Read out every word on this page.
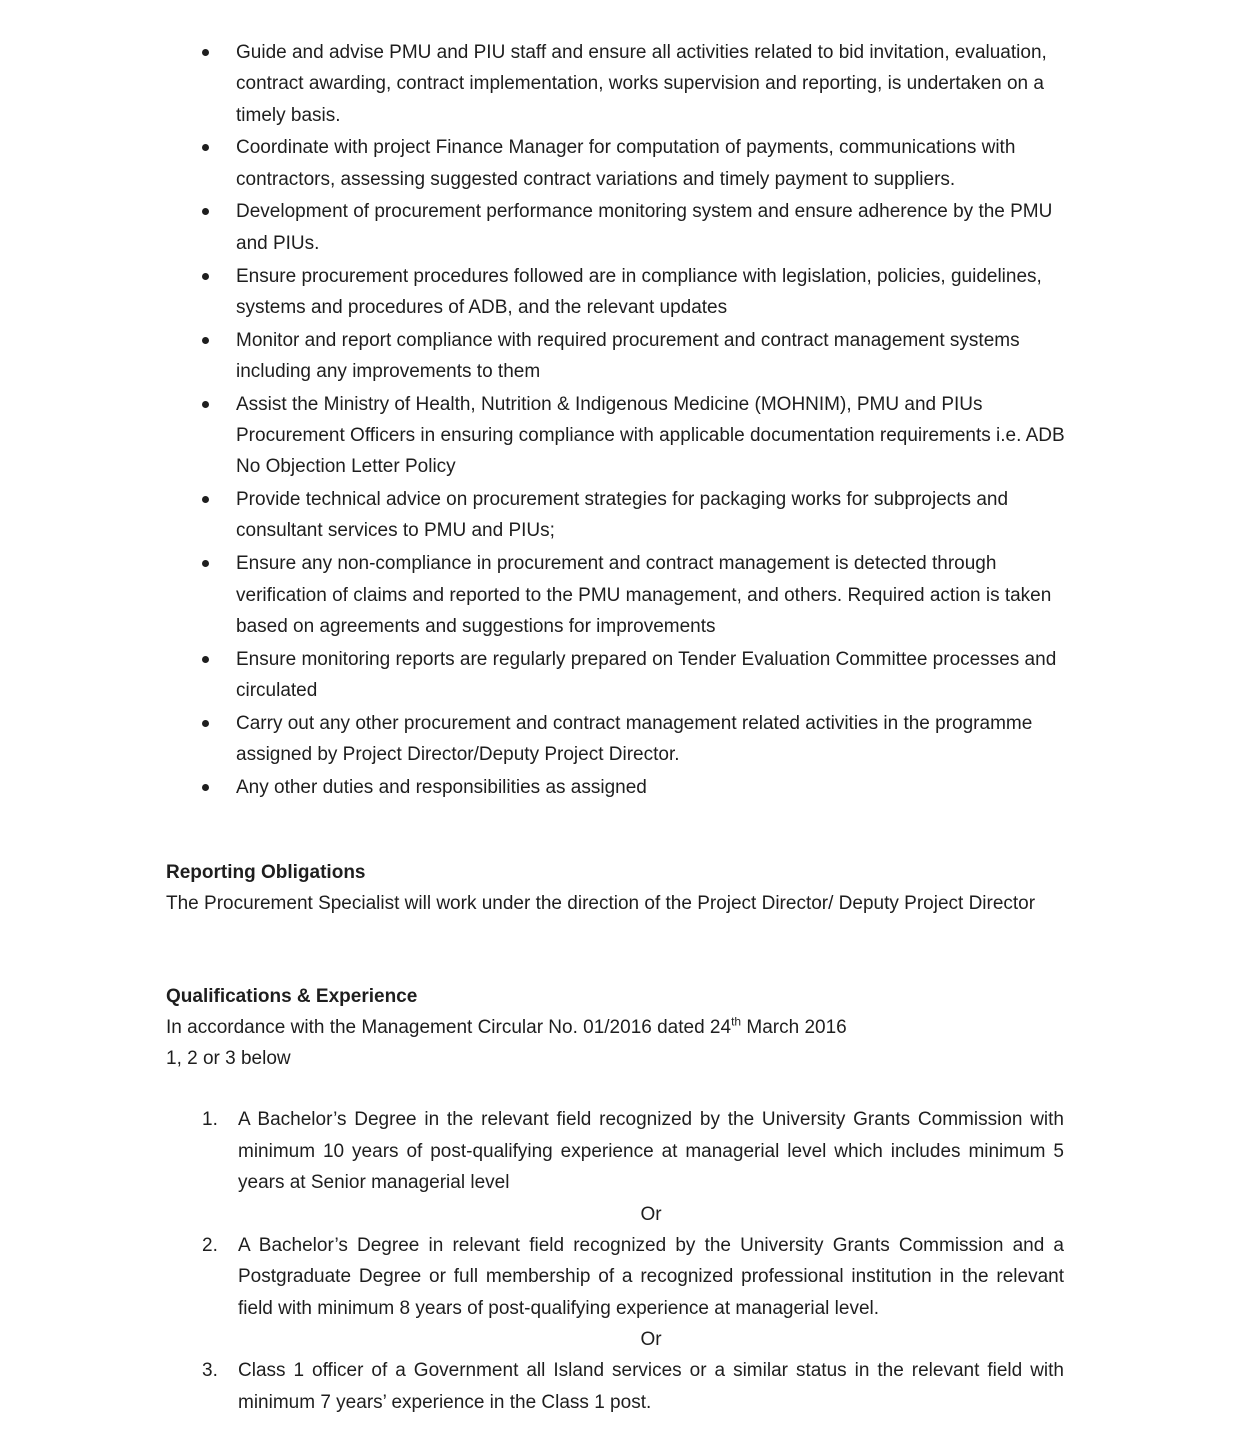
Guide and advise PMU and PIU staff and ensure all activities related to bid invitation, evaluation, contract awarding, contract implementation, works supervision and reporting, is undertaken on a timely basis.
Coordinate with project Finance Manager for computation of payments, communications with contractors, assessing suggested contract variations and timely payment to suppliers.
Development of procurement performance monitoring system and ensure adherence by the PMU and PIUs.
Ensure procurement procedures followed are in compliance with legislation, policies, guidelines, systems and procedures of ADB, and the relevant updates
Monitor and report compliance with required procurement and contract management systems including any improvements to them
Assist the Ministry of Health, Nutrition & Indigenous Medicine (MOHNIM), PMU and PIUs Procurement Officers in ensuring compliance with applicable documentation requirements i.e. ADB No Objection Letter Policy
Provide technical advice on procurement strategies for packaging works for subprojects and consultant services to PMU and PIUs;
Ensure any non-compliance in procurement and contract management is detected through verification of claims and reported to the PMU management, and others. Required action is taken based on agreements and suggestions for improvements
Ensure monitoring reports are regularly prepared on Tender Evaluation Committee processes and circulated
Carry out any other procurement and contract management related activities in the programme assigned by Project Director/Deputy Project Director.
Any other duties and responsibilities as assigned

Reporting Obligations

The Procurement Specialist will work under the direction of the Project Director/ Deputy Project Director

Qualifications & Experience

In accordance with the Management Circular No. 01/2016 dated 24th March 2016

1, 2 or 3 below

1. A Bachelor’s Degree in the relevant field recognized by the University Grants Commission with minimum 10 years of post-qualifying experience at managerial level which includes minimum 5 years at Senior managerial level

Or

2. A Bachelor’s Degree in relevant field recognized by the University Grants Commission and a Postgraduate Degree or full membership of a recognized professional institution in the relevant field with minimum 8 years of post-qualifying experience at managerial level.

Or

3. Class 1 officer of a Government all Island services or a similar status in the relevant field with minimum 7 years’ experience in the Class 1 post.
